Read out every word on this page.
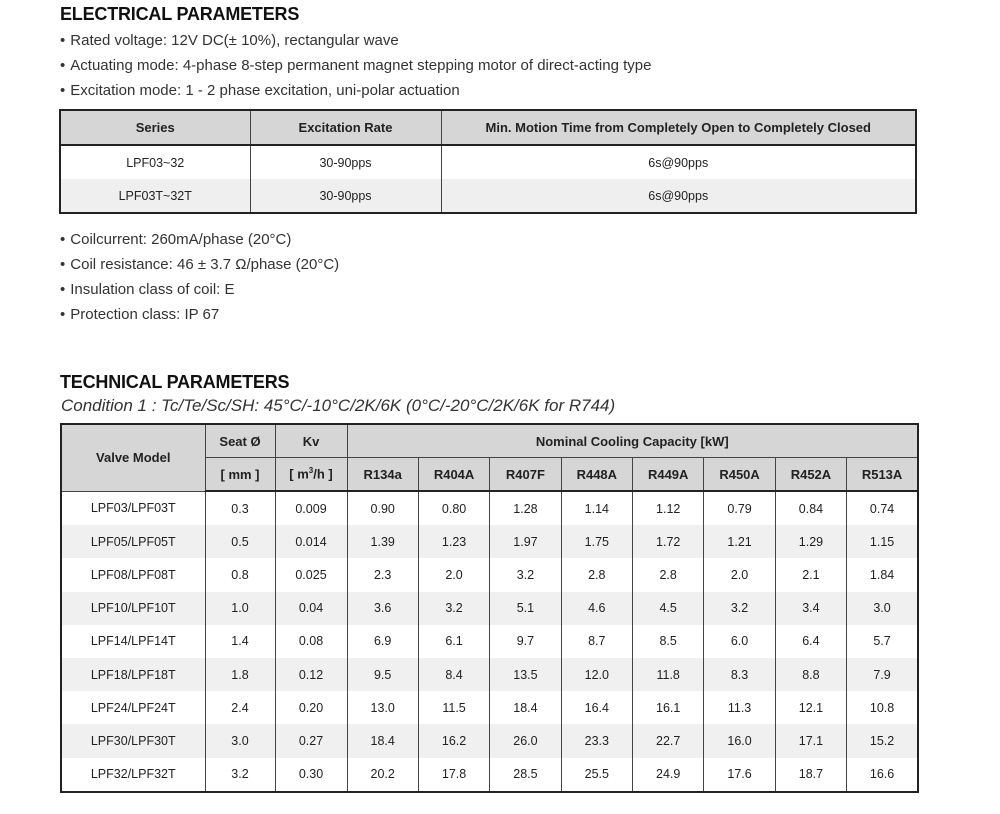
ELECTRICAL PARAMETERS
• Rated voltage: 12V DC(± 10%), rectangular wave
• Actuating mode: 4-phase 8-step permanent magnet stepping motor of direct-acting type
• Excitation mode: 1 - 2 phase excitation, uni-polar actuation
Series	Excitation Rate	Min. Motion Time from Completely Open to Completely Closed
LPF03~32	30-90pps	6s@90pps
LPF03T~32T	30-90pps	6s@90pps
• Coilcurrent: 260mA/phase (20°C)
• Coil resistance: 46 ± 3.7 Ω/phase (20°C)
• Insulation class of coil: E
• Protection class: IP 67
TECHNICAL PARAMETERS

Condition 1 : Tc/Te/Sc/SH: 45°C/-10°C/2K/6K (0°C/-20°C/2K/6K for R744)

Valve Model	Seat Ø	Kv	Nominal Cooling Capacity [kW]							
	[ mm ]	[ $m^3/h$ ]	R134a	R404A	R407F	R448A	R449A	R450A	R452A	R513A
LPF03/LPF03T	0.3	0.009	0.90	0.80	1.28	1.14	1.12	0.79	0.84	0.74
LPF05/LPF05T	0.5	0.014	1.39	1.23	1.97	1.75	1.72	1.21	1.29	1.15
LPF08/LPF08T	0.8	0.025	2.3	2.0	3.2	2.8	2.8	2.0	2.1	1.84
LPF10/LPF10T	1.0	0.04	3.6	3.2	5.1	4.6	4.5	3.2	3.4	3.0
LPF14/LPF14T	1.4	0.08	6.9	6.1	9.7	8.7	8.5	6.0	6.4	5.7
LPF18/LPF18T	1.8	0.12	9.5	8.4	13.5	12.0	11.8	8.3	8.8	7.9
LPF24/LPF24T	2.4	0.20	13.0	11.5	18.4	16.4	16.1	11.3	12.1	10.8
LPF30/LPF30T	3.0	0.27	18.4	16.2	26.0	23.3	22.7	16.0	17.1	15.2
LPF32/LPF32T	3.2	0.30	20.2	17.8	28.5	25.5	24.9	17.6	18.7	16.6
